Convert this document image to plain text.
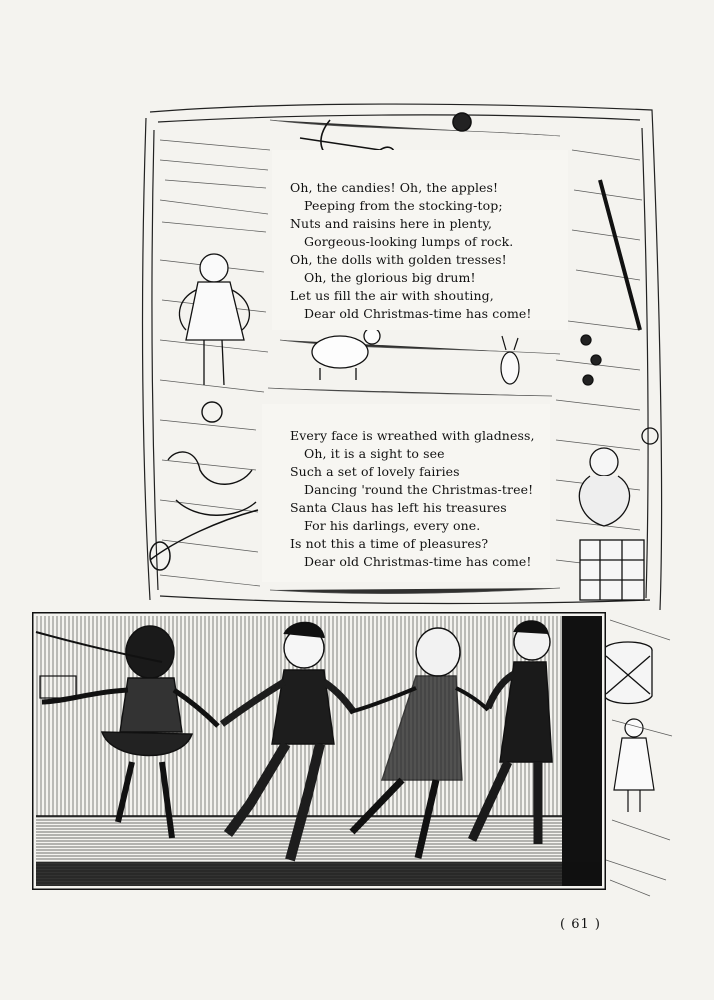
Oh, the candies! Oh, the apples!
Peeping from the stocking-top;
Nuts and raisins here in plenty,
Gorgeous-looking lumps of rock.
Oh, the dolls with golden tresses!
Oh, the glorious big drum!
Let us fill the air with shouting,
Dear old Christmas-time has come!
Every face is wreathed with gladness,
Oh, it is a sight to see
Such a set of lovely fairies
Dancing 'round the Christmas-tree!
Santa Claus has left his treasures
For his darlings, every one.
Is not this a time of pleasures?
Dear old Christmas-time has come!
( 61 )
